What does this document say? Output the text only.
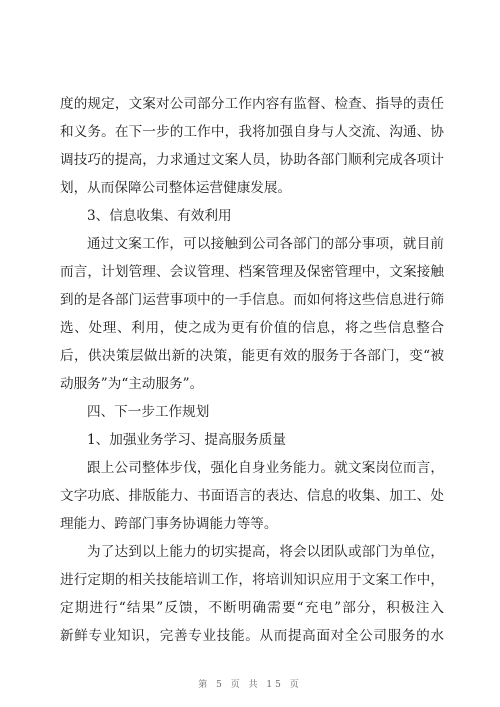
度的规定，文案对公司部分工作内容有监督、检查、指导的责任
和义务。在下一步的工作中，我将加强自身与人交流、沟通、协
调技巧的提高，力求通过文案人员，协助各部门顺利完成各项计
划，从而保障公司整体运营健康发展。
3、信息收集、有效利用
通过文案工作，可以接触到公司各部门的部分事项，就目前
而言，计划管理、会议管理、档案管理及保密管理中，文案接触
到的是各部门运营事项中的一手信息。而如何将这些信息进行筛
选、处理、利用，使之成为更有价值的信息，将之些信息整合
后，供决策层做出新的决策，能更有效的服务于各部门，变“被
动服务”为“主动服务”。
四、下一步工作规划
1、加强业务学习、提高服务质量
跟上公司整体步伐，强化自身业务能力。就文案岗位而言，
文字功底、排版能力、书面语言的表达、信息的收集、加工、处
理能力、跨部门事务协调能力等等。
为了达到以上能力的切实提高，将会以团队或部门为单位，
进行定期的相关技能培训工作，将培训知识应用于文案工作中，
定期进行“结果”反馈，不断明确需要“充电”部分，积极注入
新鲜专业知识，完善专业技能。从而提高面对全公司服务的水
第 5 页 共 15 页
